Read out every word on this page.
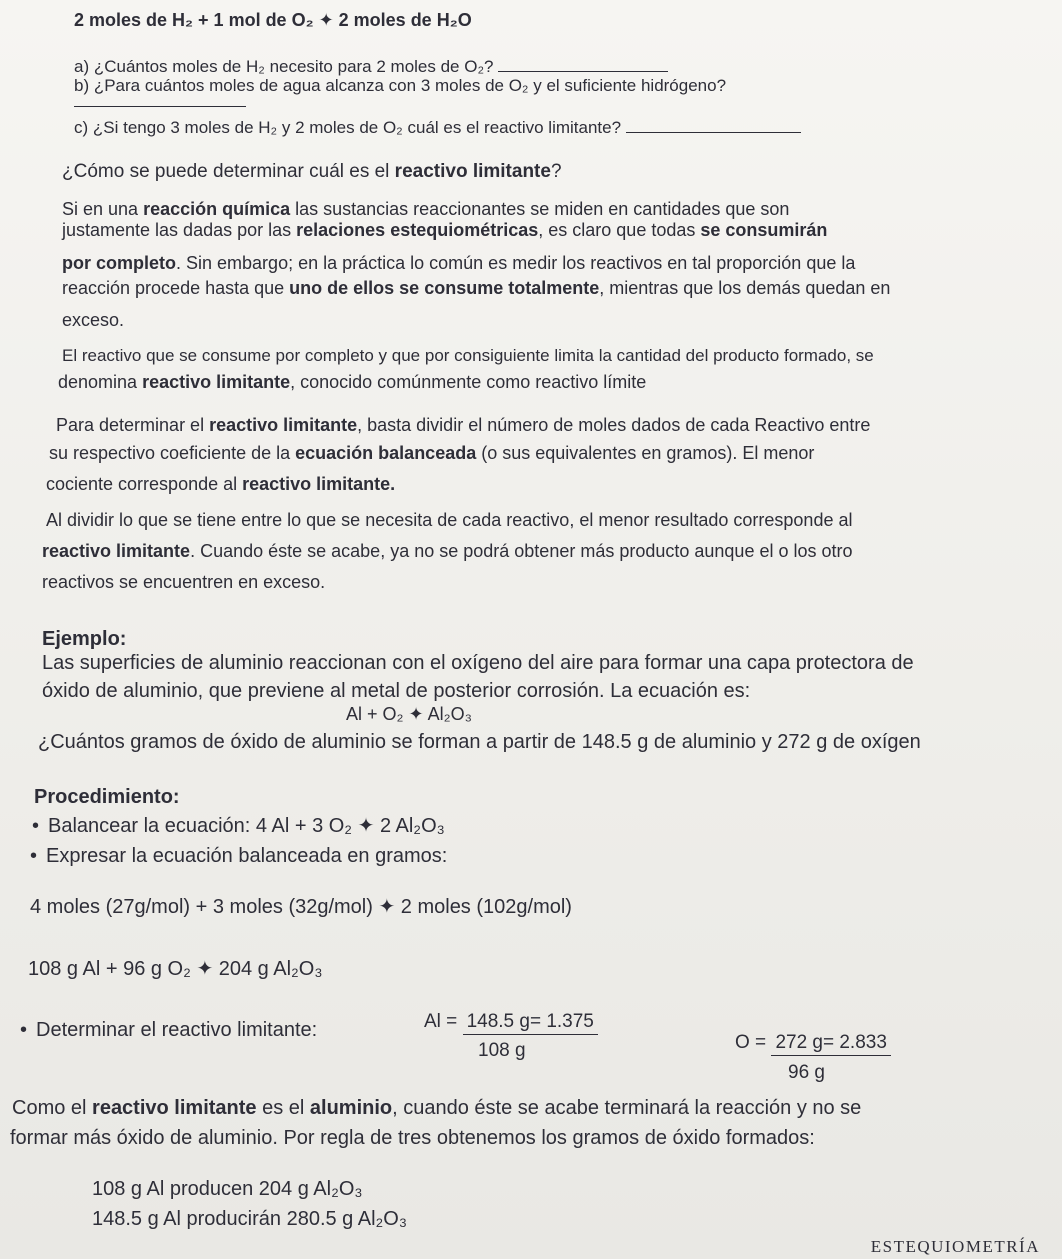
2 moles de H₂ + 1 mol de O₂ ✦ 2 moles de H₂O
a) ¿Cuántos moles de H₂ necesito para 2 moles de O₂?
b) ¿Para cuántos moles de agua alcanza con 3 moles de O₂ y el suficiente hidrógeno?
c) ¿Si tengo 3 moles de H₂ y 2 moles de O₂ cuál es el reactivo limitante?
¿Cómo se puede determinar cuál es el reactivo limitante?
Si en una reacción química las sustancias reaccionantes se miden en cantidades que son
justamente las dadas por las relaciones estequiométricas, es claro que todas se consumirán
por completo. Sin embargo; en la práctica lo común es medir los reactivos en tal proporción que la
reacción procede hasta que uno de ellos se consume totalmente, mientras que los demás quedan en
exceso.
El reactivo que se consume por completo y que por consiguiente limita la cantidad del producto formado, se
denomina reactivo limitante, conocido comúnmente como reactivo límite
Para determinar el reactivo limitante, basta dividir el número de moles dados de cada Reactivo entre
su respectivo coeficiente de la ecuación balanceada (o sus equivalentes en gramos). El menor
cociente corresponde al reactivo limitante.
Al dividir lo que se tiene entre lo que se necesita de cada reactivo, el menor resultado corresponde al
reactivo limitante. Cuando éste se acabe, ya no se podrá obtener más producto aunque el o los otro
reactivos se encuentren en exceso.
Ejemplo:
Las superficies de aluminio reaccionan con el oxígeno del aire para formar una capa protectora de
óxido de aluminio, que previene al metal de posterior corrosión. La ecuación es:
Al + O₂ ✦ Al₂O₃
¿Cuántos gramos de óxido de aluminio se forman a partir de 148.5 g de aluminio y 272 g de oxígen
Procedimiento:
• Balancear la ecuación: 4 Al + 3 O₂ ✦ 2 Al₂O₃
• Expresar la ecuación balanceada en gramos:
4 moles (27g/mol) + 3 moles (32g/mol) ✦ 2 moles (102g/mol)
108 g Al + 96 g O₂ ✦ 204 g Al₂O₃
• Determinar el reactivo limitante:	Al = 148.5 g= 1.375
108 g	O = 272 g= 2.833
96 g
Como el reactivo limitante es el aluminio, cuando éste se acabe terminará la reacción y no se
formar más óxido de aluminio. Por regla de tres obtenemos los gramos de óxido formados:
108 g Al producen 204 g Al₂O₃
148.5 g Al producirán 280.5 g Al₂O₃
ESTEQUIOMETRÍA
